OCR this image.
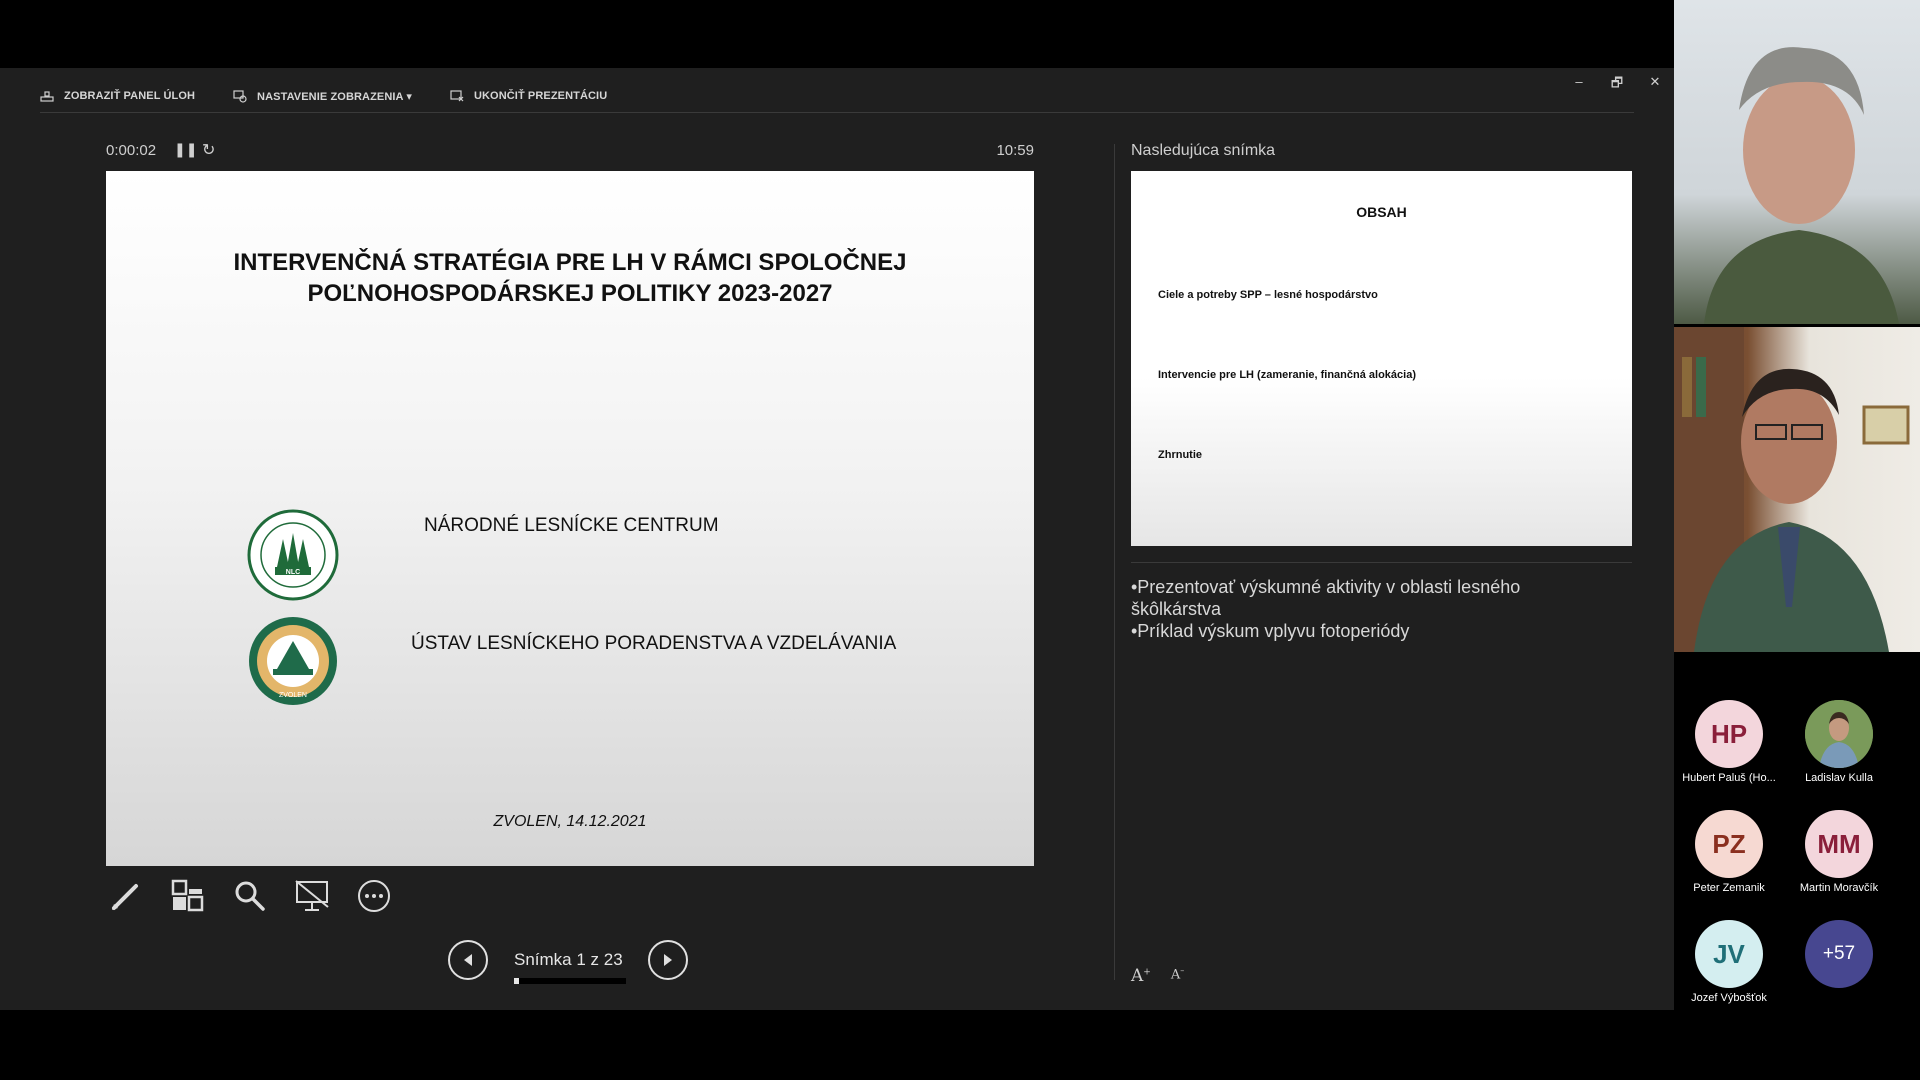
ZOBRAZIŤ PANEL ÚLOH	NASTAVENIE ZOBRAZENIA ▾	UKONČIŤ PREZENTÁCIU
– 🗗 ✕
0:00:02 ❚❚ ↻	10:59
INTERVENČNÁ STRATÉGIA PRE LH V RÁMCI SPOLOČNEJ
POĽNOHOSPODÁRSKEJ POLITIKY 2023-2027
NLC
NÁRODNÉ LESNÍCKE CENTRUM
ZVOLEN
ÚSTAV LESNÍCKEHO PORADENSTVA A VZDELÁVANIA
ZVOLEN, 14.12.2021
Snímka 1 z 23
Nasledujúca snímka
OBSAH
Ciele a potreby SPP – lesné hospodárstvo
Intervencie pre LH (zameranie, finančná alokácia)
Zhrnutie
•Prezentovať výskumné aktivity v oblasti lesného škôlkárstva
•Príklad výskum vplyvu fotoperiódy
A+ A–
HP
Hubert Paluš (Ho...	Ladislav Kulla
PZ
Peter Zemanik
MM
Martin Moravčík
JV
Jozef Výbošťok
+57
